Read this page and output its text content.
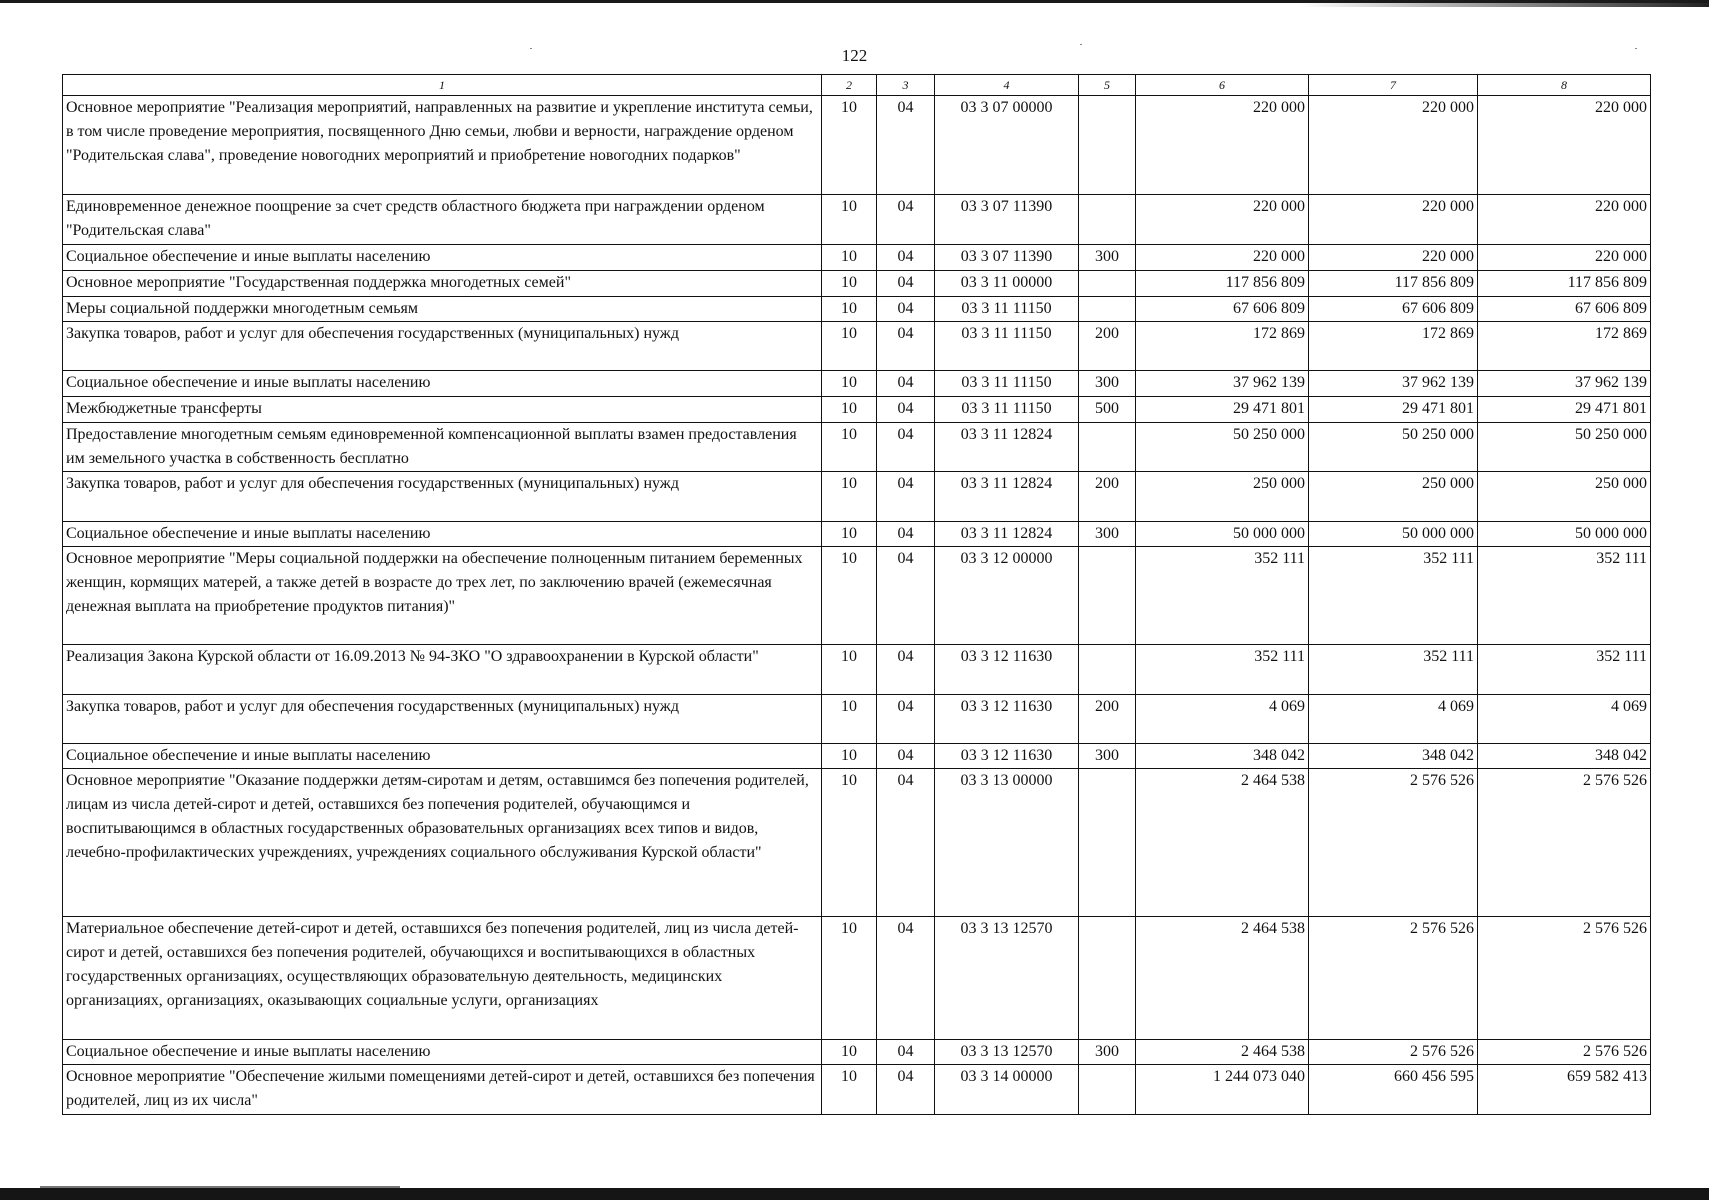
122
1	2	3	4	5	6	7	8
Основное мероприятие "Реализация мероприятий, направленных на развитие и укрепление института семьи, в том числе проведение мероприятия, посвященного Дню семьи, любви и верности, награждение орденом "Родительская слава", проведение новогодних мероприятий и приобретение новогодних подарков"	10	04	03 3 07 00000		220 000	220 000	220 000
Единовременное денежное поощрение за счет средств областного бюджета при награждении орденом "Родительская слава"	10	04	03 3 07 11390		220 000	220 000	220 000
Социальное обеспечение и иные выплаты населению	10	04	03 3 07 11390	300	220 000	220 000	220 000
Основное мероприятие "Государственная поддержка многодетных семей"	10	04	03 3 11 00000		117 856 809	117 856 809	117 856 809
Меры социальной поддержки многодетным семьям	10	04	03 3 11 11150		67 606 809	67 606 809	67 606 809
Закупка товаров, работ и услуг для обеспечения государственных (муниципальных) нужд	10	04	03 3 11 11150	200	172 869	172 869	172 869
Социальное обеспечение и иные выплаты населению	10	04	03 3 11 11150	300	37 962 139	37 962 139	37 962 139
Межбюджетные трансферты	10	04	03 3 11 11150	500	29 471 801	29 471 801	29 471 801
Предоставление многодетным семьям единовременной компенсационной выплаты взамен предоставления им земельного участка в собственность бесплатно	10	04	03 3 11 12824		50 250 000	50 250 000	50 250 000
Закупка товаров, работ и услуг для обеспечения государственных (муниципальных) нужд	10	04	03 3 11 12824	200	250 000	250 000	250 000
Социальное обеспечение и иные выплаты населению	10	04	03 3 11 12824	300	50 000 000	50 000 000	50 000 000
Основное мероприятие "Меры социальной поддержки на обеспечение полноценным питанием беременных женщин, кормящих матерей, а также детей в возрасте до трех лет, по заключению врачей (ежемесячная денежная выплата на приобретение продуктов питания)"	10	04	03 3 12 00000		352 111	352 111	352 111
Реализация Закона Курской области от 16.09.2013 № 94-ЗКО "О здравоохранении в Курской области"	10	04	03 3 12 11630		352 111	352 111	352 111
Закупка товаров, работ и услуг для обеспечения государственных (муниципальных) нужд	10	04	03 3 12 11630	200	4 069	4 069	4 069
Социальное обеспечение и иные выплаты населению	10	04	03 3 12 11630	300	348 042	348 042	348 042
Основное мероприятие "Оказание поддержки детям-сиротам и детям, оставшимся без попечения родителей, лицам из числа детей-сирот и детей, оставшихся без попечения родителей, обучающимся и воспитывающимся в областных государственных образовательных организациях всех типов и видов, лечебно-профилактических учреждениях, учреждениях социального обслуживания Курской области"	10	04	03 3 13 00000		2 464 538	2 576 526	2 576 526
Материальное обеспечение детей-сирот и детей, оставшихся без попечения родителей, лиц из числа детей-сирот и детей, оставшихся без попечения родителей, обучающихся и воспитывающихся в областных государственных организациях, осуществляющих образовательную деятельность, медицинских организациях, организациях, оказывающих социальные услуги, организациях	10	04	03 3 13 12570		2 464 538	2 576 526	2 576 526
Социальное обеспечение и иные выплаты населению	10	04	03 3 13 12570	300	2 464 538	2 576 526	2 576 526
Основное мероприятие "Обеспечение жилыми помещениями детей-сирот и детей, оставшихся без попечения родителей, лиц из их числа"	10	04	03 3 14 00000		1 244 073 040	660 456 595	659 582 413
